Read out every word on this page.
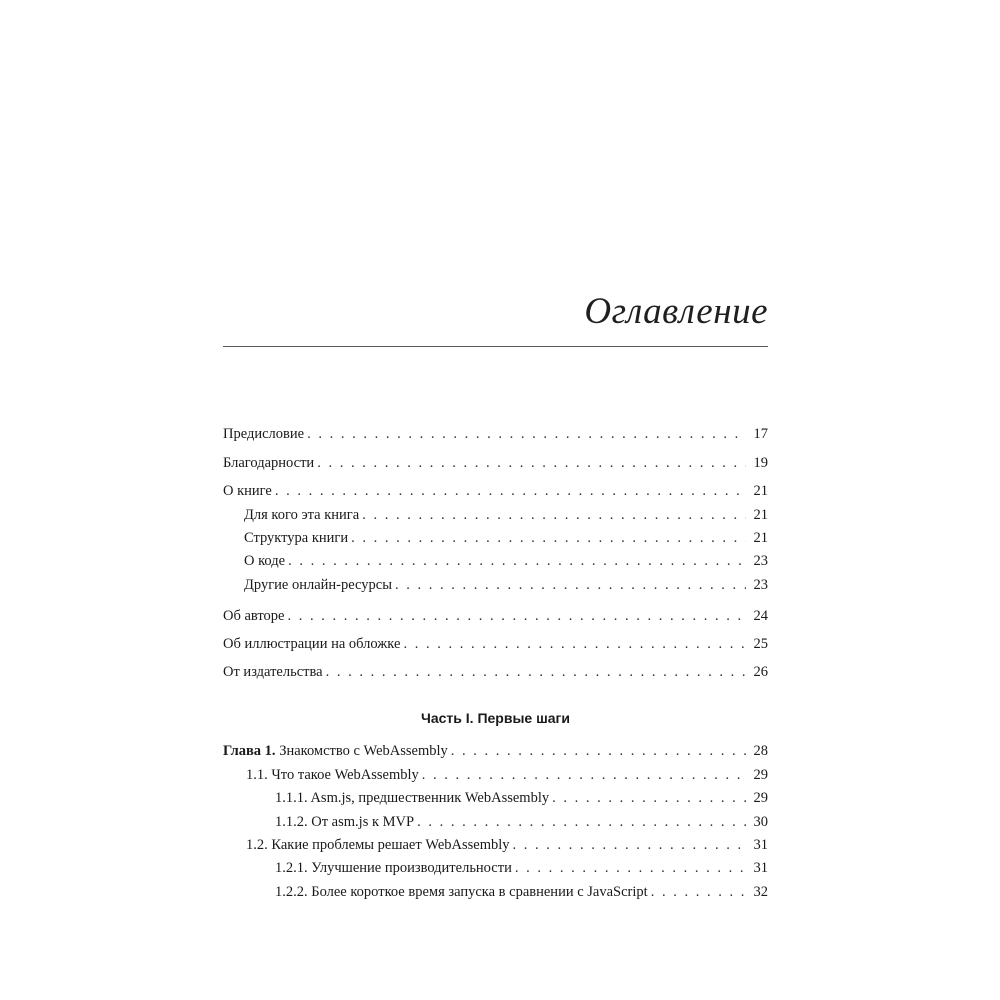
Оглавление
Предисловие . . .	17
Благодарности . . .	19
О книге . . .	21
Для кого эта книга . . .	21
Структура книги . . .	21
О коде . . .	23
Другие онлайн-ресурсы . . .	23
Об авторе . . .	24
Об иллюстрации на обложке . . .	25
От издательства . . .	26
Часть I. Первые шаги
Глава 1. Знакомство с WebAssembly . . .	28
1.1. Что такое WebAssembly . . .	29
1.1.1. Asm.js, предшественник WebAssembly . . .	29
1.1.2. От asm.js к MVP . . .	30
1.2. Какие проблемы решает WebAssembly . . .	31
1.2.1. Улучшение производительности . . .	31
1.2.2. Более короткое время запуска в сравнении с JavaScript . . .	32
